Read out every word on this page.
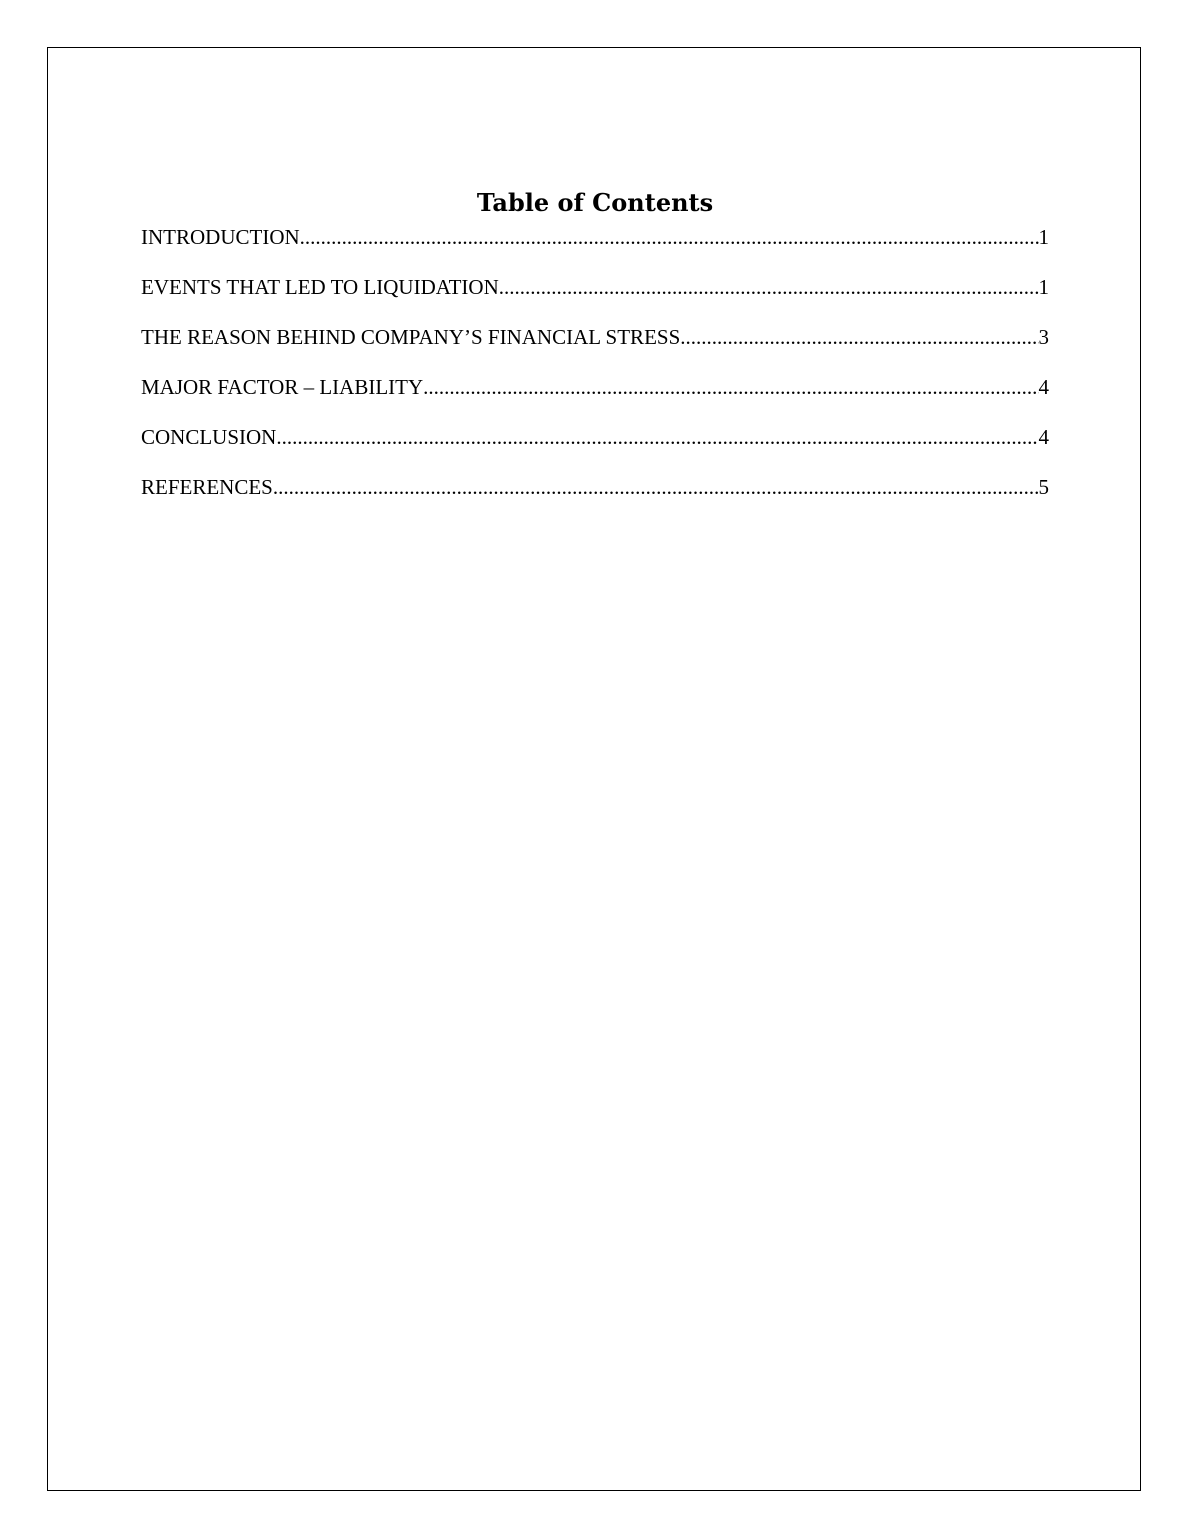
Table of Contents
INTRODUCTION .....	1
EVENTS THAT LED TO LIQUIDATION .....	1
THE REASON BEHIND COMPANY’S FINANCIAL STRESS .....	3
MAJOR FACTOR – LIABILITY .....	4
CONCLUSION .....	4
REFERENCES .....	5
